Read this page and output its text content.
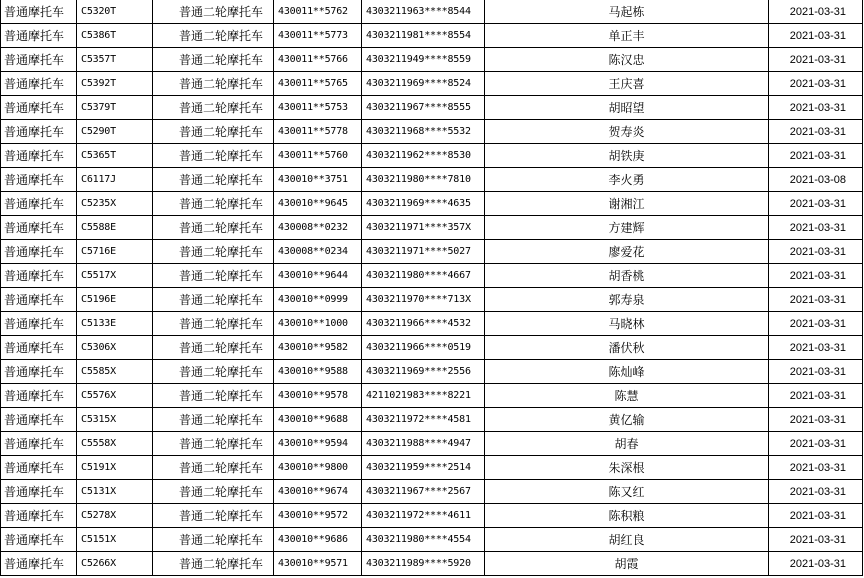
普通摩托车	C5320T	普通二轮摩托车	430011**5762	4303211963****8544	马起栋	2021-03-31
普通摩托车	C5386T	普通二轮摩托车	430011**5773	4303211981****8554	单正丰	2021-03-31
普通摩托车	C5357T	普通二轮摩托车	430011**5766	4303211949****8559	陈汉忠	2021-03-31
普通摩托车	C5392T	普通二轮摩托车	430011**5765	4303211969****8524	王庆喜	2021-03-31
普通摩托车	C5379T	普通二轮摩托车	430011**5753	4303211967****8555	胡昭望	2021-03-31
普通摩托车	C5290T	普通二轮摩托车	430011**5778	4303211968****5532	贺寿炎	2021-03-31
普通摩托车	C5365T	普通二轮摩托车	430011**5760	4303211962****8530	胡铁庚	2021-03-31
普通摩托车	C6117J	普通二轮摩托车	430010**3751	4303211980****7810	李火勇	2021-03-08
普通摩托车	C5235X	普通二轮摩托车	430010**9645	4303211969****4635	谢湘江	2021-03-31
普通摩托车	C5588E	普通二轮摩托车	430008**0232	4303211971****357X	方建辉	2021-03-31
普通摩托车	C5716E	普通二轮摩托车	430008**0234	4303211971****5027	廖爱花	2021-03-31
普通摩托车	C5517X	普通二轮摩托车	430010**9644	4303211980****4667	胡香桃	2021-03-31
普通摩托车	C5196E	普通二轮摩托车	430010**0999	4303211970****713X	郭寿泉	2021-03-31
普通摩托车	C5133E	普通二轮摩托车	430010**1000	4303211966****4532	马晓林	2021-03-31
普通摩托车	C5306X	普通二轮摩托车	430010**9582	4303211966****0519	潘伏秋	2021-03-31
普通摩托车	C5585X	普通二轮摩托车	430010**9588	4303211969****2556	陈灿峰	2021-03-31
普通摩托车	C5576X	普通二轮摩托车	430010**9578	4211021983****8221	陈慧	2021-03-31
普通摩托车	C5315X	普通二轮摩托车	430010**9688	4303211972****4581	黄亿输	2021-03-31
普通摩托车	C5558X	普通二轮摩托车	430010**9594	4303211988****4947	胡春	2021-03-31
普通摩托车	C5191X	普通二轮摩托车	430010**9800	4303211959****2514	朱深根	2021-03-31
普通摩托车	C5131X	普通二轮摩托车	430010**9674	4303211967****2567	陈又红	2021-03-31
普通摩托车	C5278X	普通二轮摩托车	430010**9572	4303211972****4611	陈积粮	2021-03-31
普通摩托车	C5151X	普通二轮摩托车	430010**9686	4303211980****4554	胡红良	2021-03-31
普通摩托车	C5266X	普通二轮摩托车	430010**9571	4303211989****5920	胡霞	2021-03-31
